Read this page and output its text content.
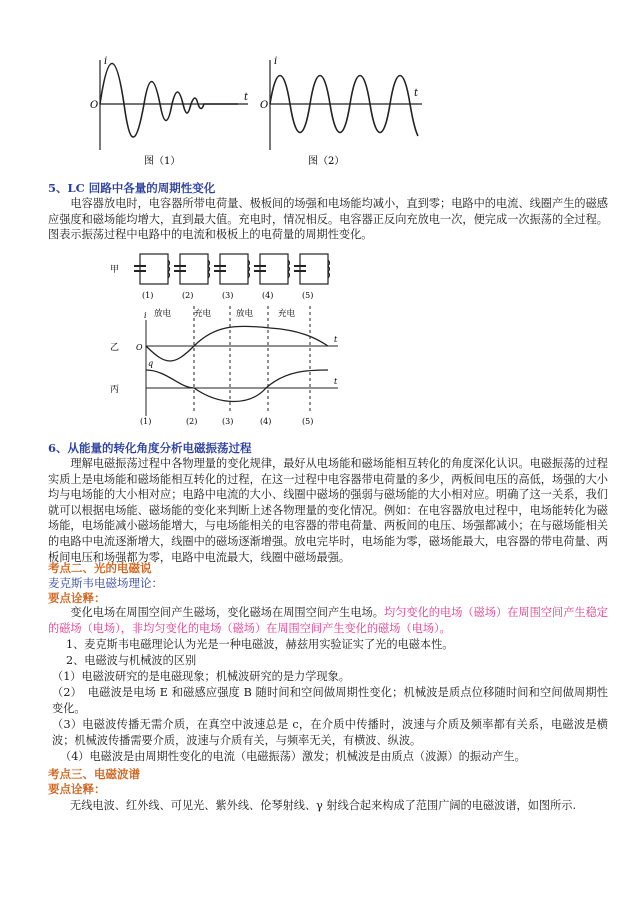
i
O
t
图（1）
i
O
t
图（2）
5、LC 回路中各量的周期性变化
电容器放电时，电容器所带电荷量、极板间的场强和电场能均减小，直到零；电路中的电流、线圈产生的磁感应强度和磁场能均增大，直到最大值。充电时，情况相反。电容器正反向充放电一次，便完成一次振荡的全过程。图表示振荡过程中电路中的电流和极板上的电荷量的周期性变化。
甲
(1)	(2)	(3)	(4)	(5)
放电	充电	放电	充电
乙
i
O
t
丙
q
t
(1)	(2)	(3)	(4)	(5)
6、从能量的转化角度分析电磁振荡过程
理解电磁振荡过程中各物理量的变化规律，最好从电场能和磁场能相互转化的角度深化认识。电磁振荡的过程实质上是电场能和磁场能相互转化的过程，在这一过程中电容器带电荷量的多少，两板间电压的高低，场强的大小均与电场能的大小相对应；电路中电流的大小、线圈中磁场的强弱与磁场能的大小相对应。明确了这一关系，我们就可以根据电场能、磁场能的变化来判断上述各物理量的变化情况。例如：在电容器放电过程中，电场能转化为磁场能，电场能减小磁场能增大，与电场能相关的电容器的带电荷量、两板间的电压、场强都减小；在与磁场能相关的电路中电流逐渐增大，线圈中的磁场逐渐增强。放电完毕时，电场能为零，磁场能最大，电容器的带电荷量、两板间电压和场强都为零，电路中电流最大，线圈中磁场最强。
考点二、光的电磁说
麦克斯韦电磁场理论：
要点诠释：
变化电场在周围空间产生磁场，变化磁场在周围空间产生电场。均匀变化的电场（磁场）在周围空间产生稳定的磁场（电场），非均匀变化的电场（磁场）在周围空间产生变化的磁场（电场）。
1、麦克斯韦电磁理论认为光是一种电磁波，赫兹用实验证实了光的电磁本性。
2、电磁波与机械波的区别
（1）电磁波研究的是电磁现象；机械波研究的是力学现象。
（2）　电磁波是电场 E 和磁感应强度 B 随时间和空间做周期性变化；机械波是质点位移随时间和空间做周期性变化。
（3）电磁波传播无需介质，在真空中波速总是 c，在介质中传播时，波速与介质及频率都有关系，电磁波是横波；机械波传播需要介质，波速与介质有关，与频率无关，有横波、纵波。
（4）电磁波是由周期性变化的电流（电磁振荡）激发；机械波是由质点（波源）的振动产生。
考点三、电磁波谱
要点诠释：
无线电波、红外线、可见光、紫外线、伦琴射线、γ 射线合起来构成了范围广阔的电磁波谱，如图所示.
